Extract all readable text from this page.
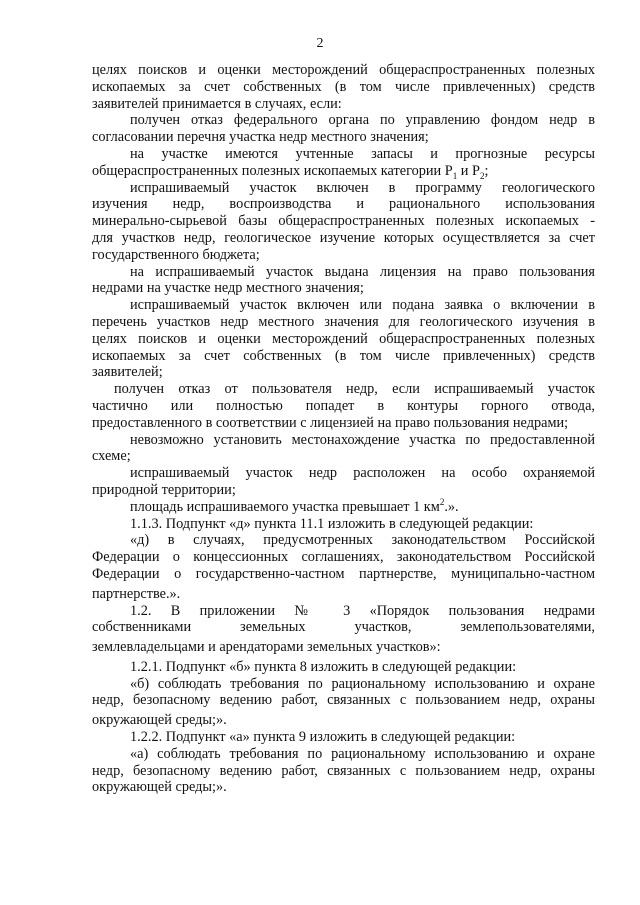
2
целях поисков и оценки месторождений общераспространенных полезных
ископаемых за счет собственных (в том числе привлеченных) средств
заявителей принимается в случаях, если:
получен отказ федерального органа по управлению фондом недр в
согласовании перечня участка недр местного значения;
на участке имеются учтенные запасы и прогнозные ресурсы
общераспространенных полезных ископаемых категории $P_1$ и $P_2$;
испрашиваемый участок включен в программу геологического
изучения недр, воспроизводства и рационального использования
минерально-сырьевой базы общераспространенных полезных ископаемых -
для участков недр, геологическое изучение которых осуществляется за счет
государственного бюджета;
на испрашиваемый участок выдана лицензия на право пользования
недрами на участке недр местного значения;
испрашиваемый участок включен или подана заявка о включении в
перечень участков недр местного значения для геологического изучения в
целях поисков и оценки месторождений общераспространенных полезных
ископаемых за счет собственных (в том числе привлеченных) средств
заявителей;
получен отказ от пользователя недр, если испрашиваемый участок
частично или полностью попадет в контуры горного отвода,
предоставленного в соответствии с лицензией на право пользования недрами;
невозможно установить местонахождение участка по предоставленной
схеме;
испрашиваемый участок недр расположен на особо охраняемой
природной территории;
площадь испрашиваемого участка превышает 1 $км^2$.».
1.1.3. Подпункт «д» пункта 11.1 изложить в следующей редакции:
«д) в случаях, предусмотренных законодательством Российской
Федерации о концессионных соглашениях, законодательством Российской
Федерации о государственно-частном партнерстве, муниципально-частном
партнерстве.».
1.2. В приложении № 3 «Порядок пользования недрами
собственниками земельных участков, землепользователями,
землевладельцами и арендаторами земельных участков»:
1.2.1. Подпункт «б» пункта 8 изложить в следующей редакции:
«б) соблюдать требования по рациональному использованию и охране
недр, безопасному ведению работ, связанных с пользованием недр, охраны
окружающей среды;».
1.2.2. Подпункт «а» пункта 9 изложить в следующей редакции:
«а) соблюдать требования по рациональному использованию и охране
недр, безопасному ведению работ, связанных с пользованием недр, охраны
окружающей среды;».
